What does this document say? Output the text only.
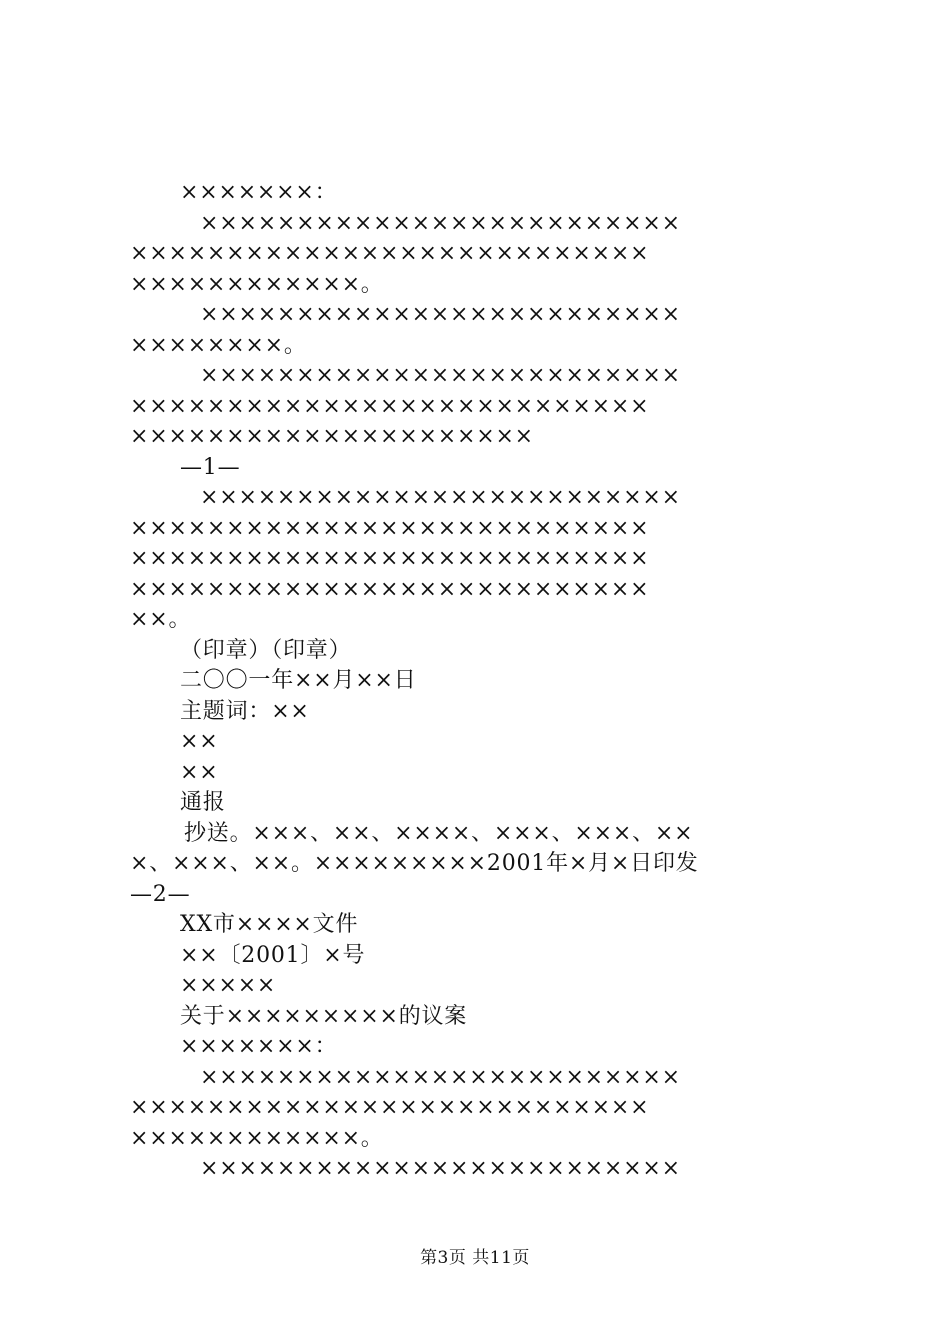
×××××××：
×××××××××××××××××××××××××
×××××××××××××××××××××××××××
××××××××××××。
×××××××××××××××××××××××××
××××××××。
×××××××××××××××××××××××××
×××××××××××××××××××××××××××
×××××××××××××××××××××
—1—
×××××××××××××××××××××××××
×××××××××××××××××××××××××××
×××××××××××××××××××××××××××
×××××××××××××××××××××××××××
××。
（印章）（印章）
二〇〇一年××月××日
主题词：××
××
××
通报
抄送。×××、××、××××、×××、×××、××
×、×××、××。×××××××××2001年×月×日印发
—2—
XX市××××文件
××〔2001〕×号
×××××
关于×××××××××的议案
×××××××：
×××××××××××××××××××××××××
×××××××××××××××××××××××××××
××××××××××××。
×××××××××××××××××××××××××
第3页 共11页
